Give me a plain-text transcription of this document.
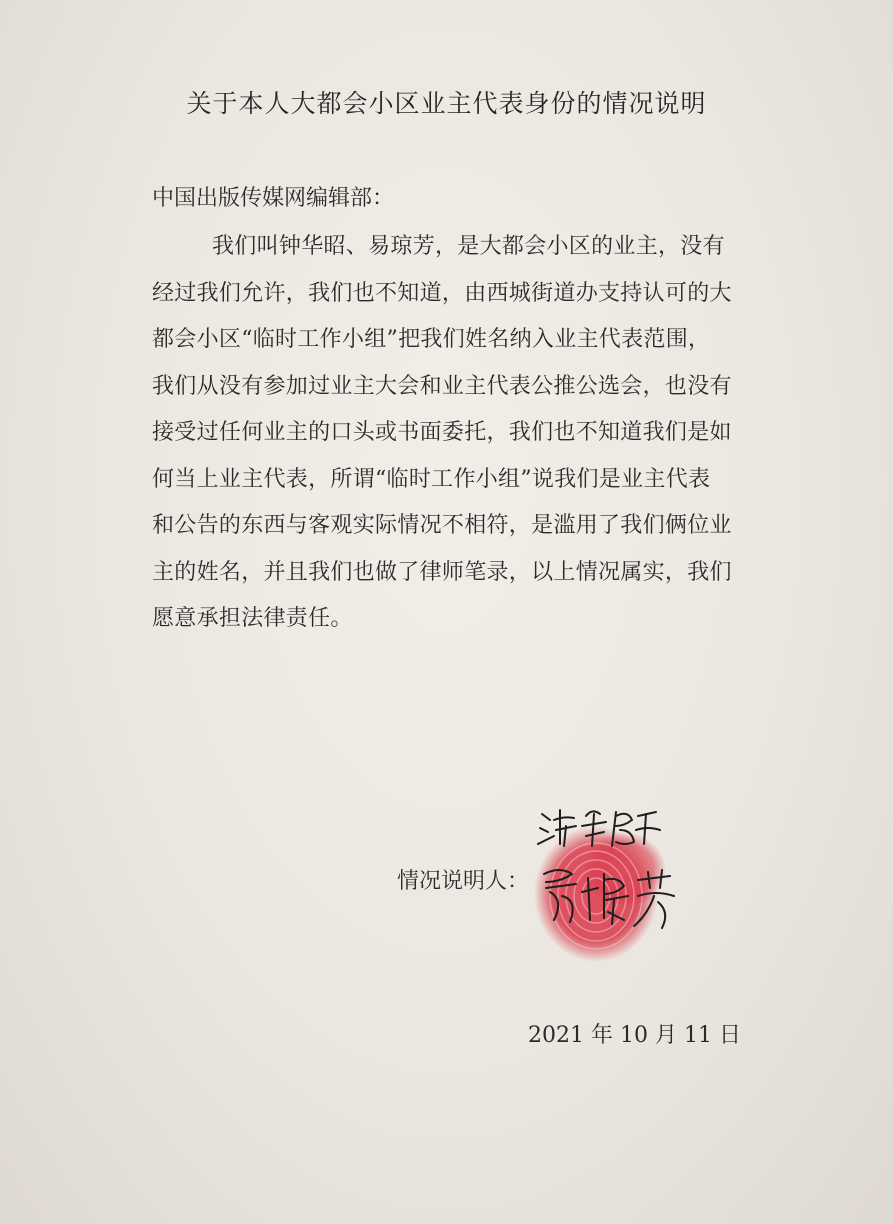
关于本人大都会小区业主代表身份的情况说明
中国出版传媒网编辑部：
我们叫钟华昭、易琼芳，是大都会小区的业主，没有
经过我们允许，我们也不知道，由西城街道办支持认可的大
都会小区“临时工作小组”把我们姓名纳入业主代表范围，
我们从没有参加过业主大会和业主代表公推公选会，也没有
接受过任何业主的口头或书面委托，我们也不知道我们是如
何当上业主代表，所谓“临时工作小组”说我们是业主代表
和公告的东西与客观实际情况不相符，是滥用了我们俩位业
主的姓名，并且我们也做了律师笔录，以上情况属实，我们
愿意承担法律责任。
情况说明人：
2021 年 10 月 11 日
